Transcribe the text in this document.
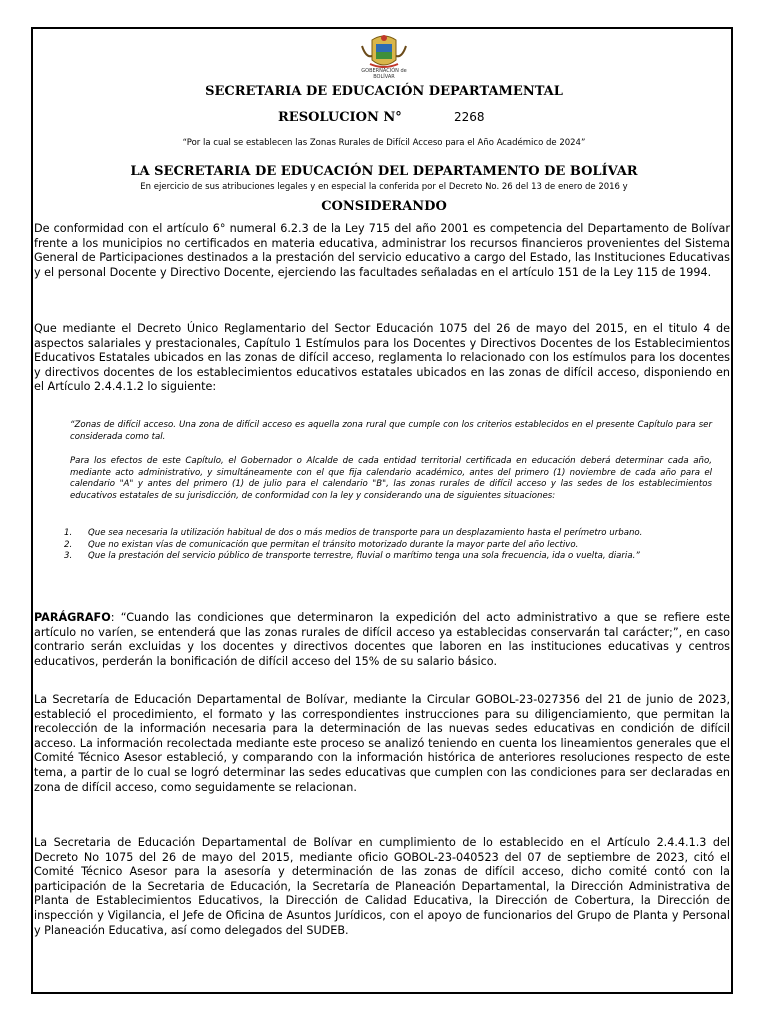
GOBERNACIÓN de BOLÍVAR
SECRETARIA DE EDUCACIÓN DEPARTAMENTAL
RESOLUCION N°	2268
“Por la cual se establecen las Zonas Rurales de Difícil Acceso para el Año Académico de 2024”
LA SECRETARIA DE EDUCACIÓN DEL DEPARTAMENTO DE BOLÍVAR
En ejercicio de sus atribuciones legales y en especial la conferida por el Decreto No. 26 del 13 de enero de 2016 y
CONSIDERANDO
De conformidad con el artículo 6° numeral 6.2.3 de la Ley 715 del año 2001 es competencia del Departamento de Bolívar frente a los municipios no certificados en materia educativa, administrar los recursos financieros provenientes del Sistema General de Participaciones destinados a la prestación del servicio educativo a cargo del Estado, las Instituciones Educativas y el personal Docente y Directivo Docente, ejerciendo las facultades señaladas en el artículo 151 de la Ley 115 de 1994.
Que mediante el Decreto Único Reglamentario del Sector Educación 1075 del 26 de mayo del 2015, en el titulo 4 de aspectos salariales y prestacionales, Capítulo 1 Estímulos para los Docentes y Directivos Docentes de los Establecimientos Educativos Estatales ubicados en las zonas de difícil acceso, reglamenta lo relacionado con los estímulos para los docentes y directivos docentes de los establecimientos educativos estatales ubicados en las zonas de difícil acceso, disponiendo en el Artículo 2.4.4.1.2 lo siguiente:
“Zonas de difícil acceso. Una zona de difícil acceso es aquella zona rural que cumple con los criterios establecidos en el presente Capítulo para ser considerada como tal.
Para los efectos de este Capítulo, el Gobernador o Alcalde de cada entidad territorial certificada en educación deberá determinar cada año, mediante acto administrativo, y simultáneamente con el que fija calendario académico, antes del primero (1) noviembre de cada año para el calendario "A" y antes del primero (1) de julio para el calendario "B", las zonas rurales de difícil acceso y las sedes de los establecimientos educativos estatales de su jurisdicción, de conformidad con la ley y considerando una de siguientes situaciones:
1.	Que sea necesaria la utilización habitual de dos o más medios de transporte para un desplazamiento hasta el perímetro urbano.
2.	Que no existan vías de comunicación que permitan el tránsito motorizado durante la mayor parte del año lectivo.
3.	Que la prestación del servicio público de transporte terrestre, fluvial o marítimo tenga una sola frecuencia, ida o vuelta, diaria.”
PARÁGRAFO: “Cuando las condiciones que determinaron la expedición del acto administrativo a que se refiere este artículo no varíen, se entenderá que las zonas rurales de difícil acceso ya establecidas conservarán tal carácter;”, en caso contrario serán excluidas y los docentes y directivos docentes que laboren en las instituciones educativas y centros educativos, perderán la bonificación de difícil acceso del 15% de su salario básico.
La Secretaría de Educación Departamental de Bolívar, mediante la Circular GOBOL-23-027356 del 21 de junio de 2023, estableció el procedimiento, el formato y las correspondientes instrucciones para su diligenciamiento, que permitan la recolección de la información necesaria para la determinación de las nuevas sedes educativas en condición de difícil acceso. La información recolectada mediante este proceso se analizó teniendo en cuenta los lineamientos generales que el Comité Técnico Asesor estableció, y comparando con la información histórica de anteriores resoluciones respecto de este tema, a partir de lo cual se logró determinar las sedes educativas que cumplen con las condiciones para ser declaradas en zona de difícil acceso, como seguidamente se relacionan.
La Secretaria de Educación Departamental de Bolívar en cumplimiento de lo establecido en el Artículo 2.4.4.1.3 del Decreto No 1075 del 26 de mayo del 2015, mediante oficio GOBOL-23-040523 del 07 de septiembre de 2023, citó el Comité Técnico Asesor para la asesoría y determinación de las zonas de difícil acceso, dicho comité contó con la participación de la Secretaria de Educación, la Secretaría de Planeación Departamental, la Dirección Administrativa de Planta de Establecimientos Educativos, la Dirección de Calidad Educativa, la Dirección de Cobertura, la Dirección de inspección y Vigilancia, el Jefe de Oficina de Asuntos Jurídicos, con el apoyo de funcionarios del Grupo de Planta y Personal y Planeación Educativa, así como delegados del SUDEB.
